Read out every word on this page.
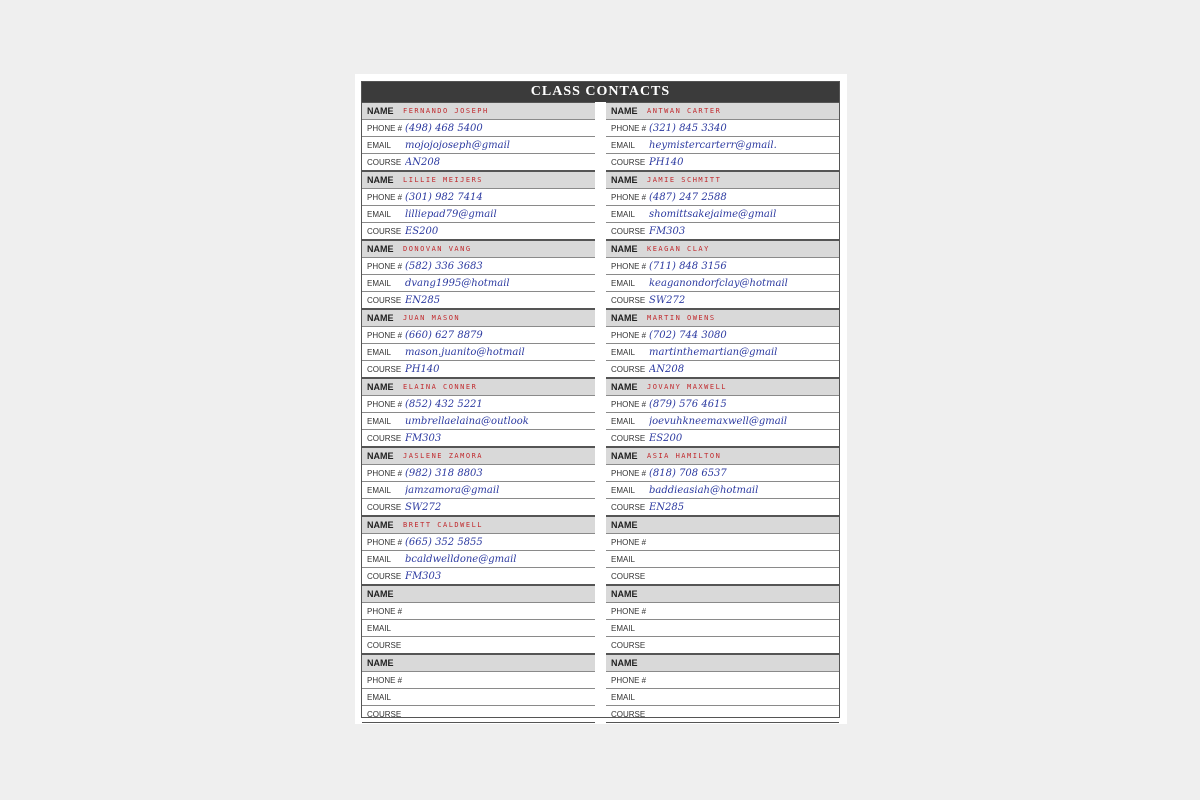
CLASS CONTACTS
NAME	FERNANDO JOSEPH
PHONE # (498) 468 5400
EMAIL	mojojojoseph@gmail
COURSE AN208
NAME	LILLIE MEIJERS
PHONE # (301) 982 7414
EMAIL	lilliepad79@gmail
COURSE ES200
NAME	DONOVAN VANG
PHONE # (582) 336 3683
EMAIL	dvang1995@hotmail
COURSE EN285
NAME	JUAN MASON
PHONE # (660) 627 8879
EMAIL	mason.juanito@hotmail
COURSE PH140
NAME	ELAINA CONNER
PHONE # (852) 432 5221
EMAIL	umbrellaelaina@outlook
COURSE FM303
NAME	JASLENE ZAMORA
PHONE # (982) 318 8803
EMAIL	jamzamora@gmail
COURSE SW272
NAME	BRETT CALDWELL
PHONE # (665) 352 5855
EMAIL	bcaldwelldone@gmail
COURSE FM303
NAME
PHONE #
EMAIL
COURSE
NAME
PHONE #
EMAIL
COURSE
NAME	ANTWAN CARTER
PHONE # (321) 845 3340
EMAIL	heymistercarterr@gmail.
COURSE PH140
NAME	JAMIE SCHMITT
PHONE # (487) 247 2588
EMAIL	shomittsakejaime@gmail
COURSE FM303
NAME	KEAGAN CLAY
PHONE # (711) 848 3156
EMAIL	keaganondorfclay@hotmail
COURSE SW272
NAME	MARTIN OWENS
PHONE # (702) 744 3080
EMAIL	martinthemartian@gmail
COURSE AN208
NAME	JOVANY MAXWELL
PHONE # (879) 576 4615
EMAIL	joevuhkneemaxwell@gmail
COURSE ES200
NAME	ASIA HAMILTON
PHONE # (818) 708 6537
EMAIL	baddieasiah@hotmail
COURSE EN285
NAME
PHONE #
EMAIL
COURSE
NAME
PHONE #
EMAIL
COURSE
NAME
PHONE #
EMAIL
COURSE
